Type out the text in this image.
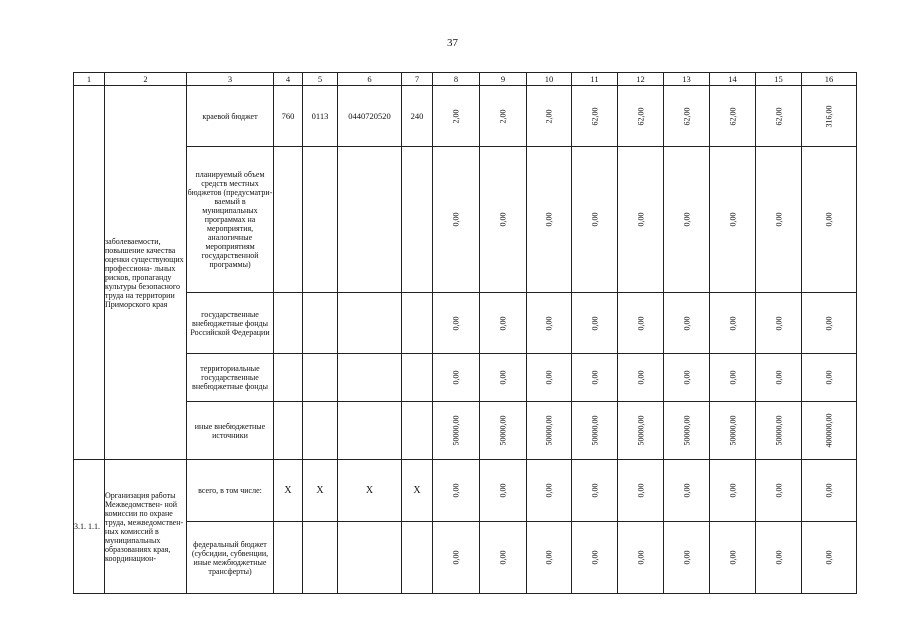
37
1	2	3	4	5	6	7	8	9	10	11	12	13	14	15	16
	заболеваемости, повышение качества оценки существующих профессиона- льных рисков, пропаганду культуры безопасного труда на территории Приморского края	краевой бюджет	760	0113	0440720520	240	2,00	2,00	2,00	62,00	62,00	62,00	62,00	62,00	316,00
		планируемый объем средств местных бюджетов (предусматри- ваемый в муниципальных программах на мероприятия, аналогичные мероприятиям государственной программы)					0,00	0,00	0,00	0,00	0,00	0,00	0,00	0,00	0,00
		государственные внебюджетные фонды Российской Федерации					0,00	0,00	0,00	0,00	0,00	0,00	0,00	0,00	0,00
		территориальные государственные внебюджетные фонды					0,00	0,00	0,00	0,00	0,00	0,00	0,00	0,00	0,00
		иные внебюджетные источники					50000,00	50000,00	50000,00	50000,00	50000,00	50000,00	50000,00	50000,00	400000,00
3.1. 1.1.	Организация работы Межведомствен- ной комиссии по охране труда, межведомствен- ных комиссий в муниципальных образованиях края, координацион-	всего, в том числе:	X	X	X	X	0,00	0,00	0,00	0,00	0,00	0,00	0,00	0,00	0,00
		федеральный бюджет (субсидии, субвенции, иные межбюджетные трансферты)					0,00	0,00	0,00	0,00	0,00	0,00	0,00	0,00	0,00
